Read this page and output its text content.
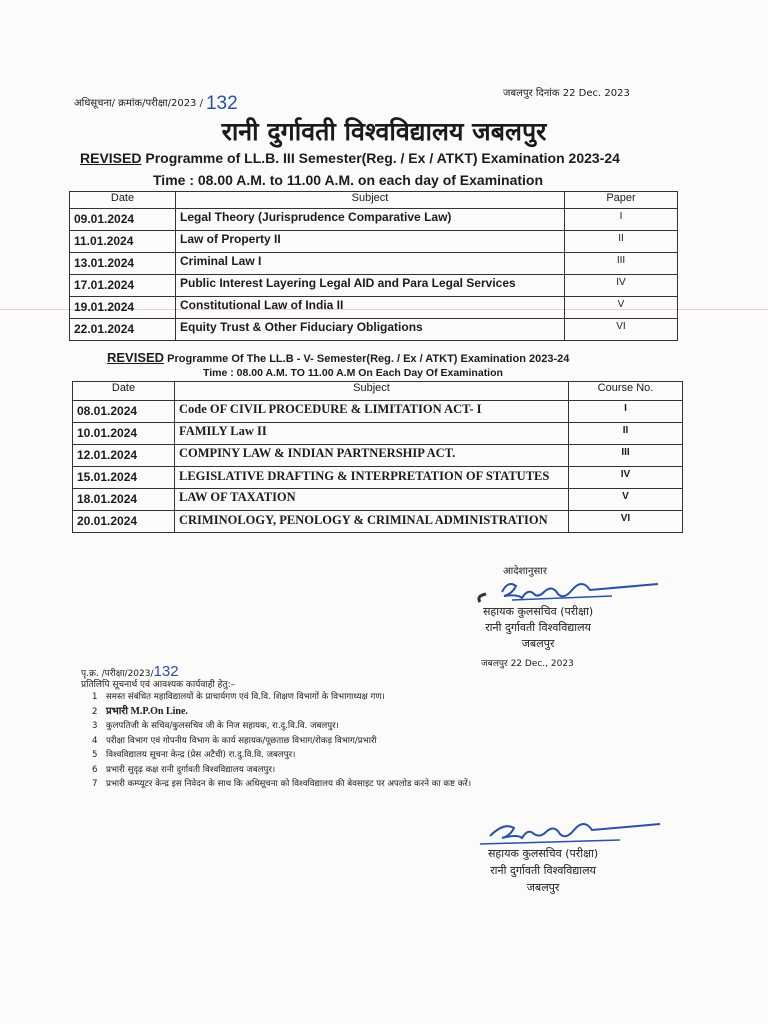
अधिसूचना/ क्रमांक/परीक्षा/2023 / 132	जबलपुर दिनांक 22 Dec. 2023
रानी दुर्गावती विश्वविद्यालय जबलपुर
REVISED Programme of LL.B. III Semester(Reg. / Ex / ATKT) Examination 2023-24
Time : 08.00 A.M. to 11.00 A.M. on each day of Examination
Date	Subject	Paper
09.01.2024	Legal Theory (Jurisprudence Comparative Law)	I
11.01.2024	Law of Property II	II
13.01.2024	Criminal Law I	III
17.01.2024	Public Interest Layering Legal AID and Para Legal Services	IV
19.01.2024	Constitutional Law of India II	V
22.01.2024	Equity Trust & Other Fiduciary Obligations	VI
REVISED Programme Of The LL.B - V- Semester(Reg. / Ex / ATKT) Examination 2023-24
Time : 08.00 A.M. TO 11.00 A.M On Each Day Of Examination
Date	Subject	Course No.
08.01.2024	Code OF CIVIL PROCEDURE & LIMITATION ACT- I	I
10.01.2024	FAMILY Law II	II
12.01.2024	COMPINY LAW & INDIAN PARTNERSHIP ACT.	III
15.01.2024	LEGISLATIVE DRAFTING & INTERPRETATION OF STATUTES	IV
18.01.2024	LAW OF TAXATION	V
20.01.2024	CRIMINOLOGY, PENOLOGY & CRIMINAL ADMINISTRATION	VI
आदेशानुसार
सहायक कुलसचिव (परीक्षा)
रानी दुर्गावती विश्वविद्यालय
जबलपुर
जबलपुर 22 Dec., 2023
पृ.क्र. /परीक्षा/2023/132
प्रतिलिपि सूचनार्थ एवं आवश्यक कार्यवाही हेतु:–
1 समस्त संबंधित महाविद्यालयों के प्राचार्यगण एवं वि.वि. शिक्षण विभागों के विभागाध्यक्ष गण।
2 प्रभारी M.P.On Line.
3 कुलपतिजी के सचिव/कुलसचिव जी के निज सहायक, रा.दु.वि.वि. जबलपुर।
4 परीक्षा विभाग एवं गोपनीय विभाग के कार्य सहायक/पूछताछ विभाग/रोकड़ विभाग/प्रभारी
5 विश्वविद्यालय सूचना केन्द्र (प्रेस अटैची) रा.दु.वि.वि. जबलपुर।
6 प्रभारी सुदृढ़ कक्ष रानी दुर्गावती विश्वविद्यालय जबलपुर।
7 प्रभारी कम्प्यूटर केन्द्र इस निवेदन के साथ कि अधिसूचना को विश्वविद्यालय की बेवसाइट पर अपलोड करने का कष्ट करें।
सहायक कुलसचिव (परीक्षा)
रानी दुर्गावती विश्वविद्यालय
जबलपुर
